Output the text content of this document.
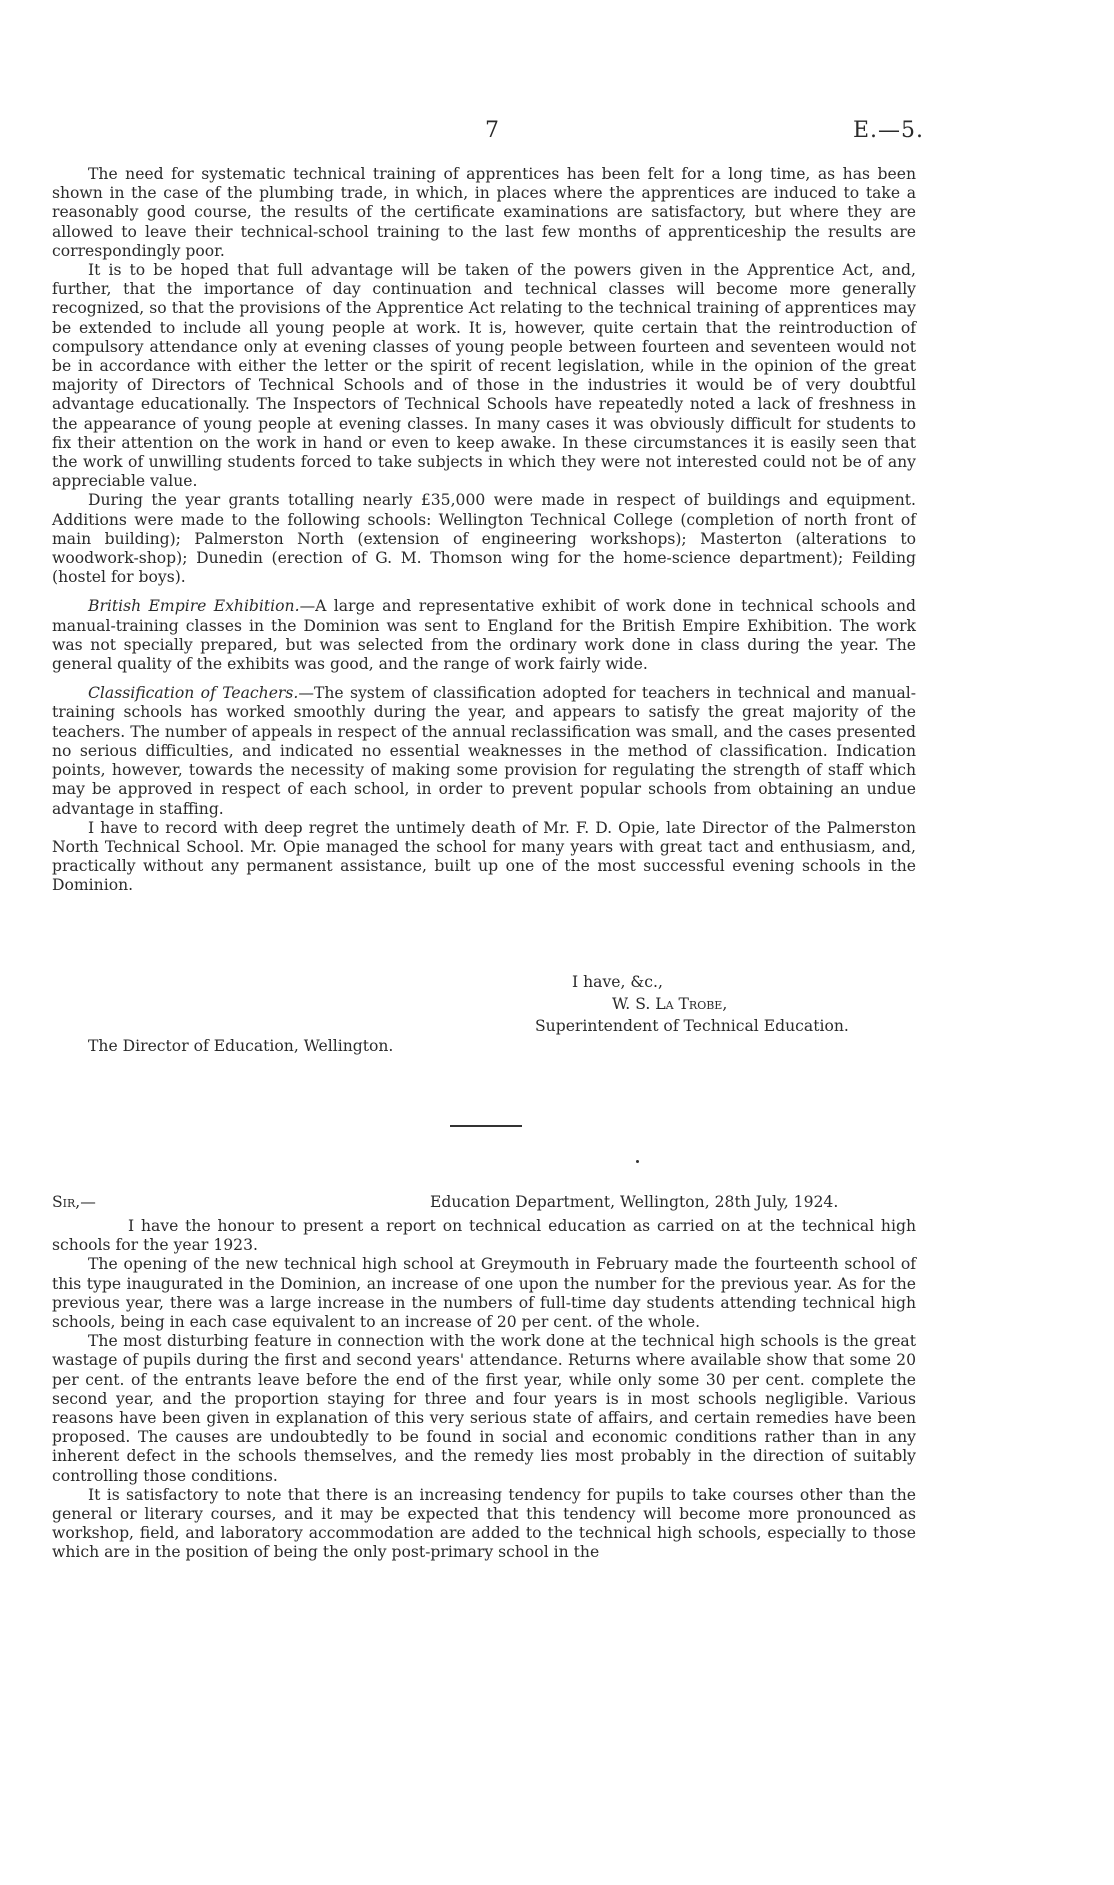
7	E.—5.

The need for systematic technical training of apprentices has been felt for a long time, as has been shown in the case of the plumbing trade, in which, in places where the apprentices are induced to take a reasonably good course, the results of the certificate examinations are satisfactory, but where they are allowed to leave their technical-school training to the last few months of apprenticeship the results are correspondingly poor.

It is to be hoped that full advantage will be taken of the powers given in the Apprentice Act, and, further, that the importance of day continuation and technical classes will become more generally recognized, so that the provisions of the Apprentice Act relating to the technical training of apprentices may be extended to include all young people at work. It is, however, quite certain that the reintroduction of compulsory attendance only at evening classes of young people between fourteen and seventeen would not be in accordance with either the letter or the spirit of recent legislation, while in the opinion of the great majority of Directors of Technical Schools and of those in the industries it would be of very doubtful advantage educationally. The Inspectors of Technical Schools have repeatedly noted a lack of freshness in the appearance of young people at evening classes. In many cases it was obviously difficult for students to fix their attention on the work in hand or even to keep awake. In these circumstances it is easily seen that the work of unwilling students forced to take subjects in which they were not interested could not be of any appreciable value.

During the year grants totalling nearly £35,000 were made in respect of buildings and equipment. Additions were made to the following schools: Wellington Technical College (completion of north front of main building); Palmerston North (extension of engineering workshops); Masterton (alterations to woodwork-shop); Dunedin (erection of G. M. Thomson wing for the home-science department); Feilding (hostel for boys).

British Empire Exhibition.—A large and representative exhibit of work done in technical schools and manual-training classes in the Dominion was sent to England for the British Empire Exhibition. The work was not specially prepared, but was selected from the ordinary work done in class during the year. The general quality of the exhibits was good, and the range of work fairly wide.

Classification of Teachers.—The system of classification adopted for teachers in technical and manual-training schools has worked smoothly during the year, and appears to satisfy the great majority of the teachers. The number of appeals in respect of the annual reclassification was small, and the cases presented no serious difficulties, and indicated no essential weaknesses in the method of classification. Indication points, however, towards the necessity of making some provision for regulating the strength of staff which may be approved in respect of each school, in order to prevent popular schools from obtaining an undue advantage in staffing.

I have to record with deep regret the untimely death of Mr. F. D. Opie, late Director of the Palmerston North Technical School. Mr. Opie managed the school for many years with great tact and enthusiasm, and, practically without any permanent assistance, built up one of the most successful evening schools in the Dominion.

I have, &c.,
W. S. La Trobe,
Superintendent of Technical Education.
The Director of Education, Wellington.
Sir,—	Education Department, Wellington, 28th July, 1924.

I have the honour to present a report on technical education as carried on at the technical high schools for the year 1923.

The opening of the new technical high school at Greymouth in February made the fourteenth school of this type inaugurated in the Dominion, an increase of one upon the number for the previous year. As for the previous year, there was a large increase in the numbers of full-time day students attending technical high schools, being in each case equivalent to an increase of 20 per cent. of the whole.

The most disturbing feature in connection with the work done at the technical high schools is the great wastage of pupils during the first and second years' attendance. Returns where available show that some 20 per cent. of the entrants leave before the end of the first year, while only some 30 per cent. complete the second year, and the proportion staying for three and four years is in most schools negligible. Various reasons have been given in explanation of this very serious state of affairs, and certain remedies have been proposed. The causes are undoubtedly to be found in social and economic conditions rather than in any inherent defect in the schools themselves, and the remedy lies most probably in the direction of suitably controlling those conditions.

It is satisfactory to note that there is an increasing tendency for pupils to take courses other than the general or literary courses, and it may be expected that this tendency will become more pronounced as workshop, field, and laboratory accommodation are added to the technical high schools, especially to those which are in the position of being the only post-primary school in the
